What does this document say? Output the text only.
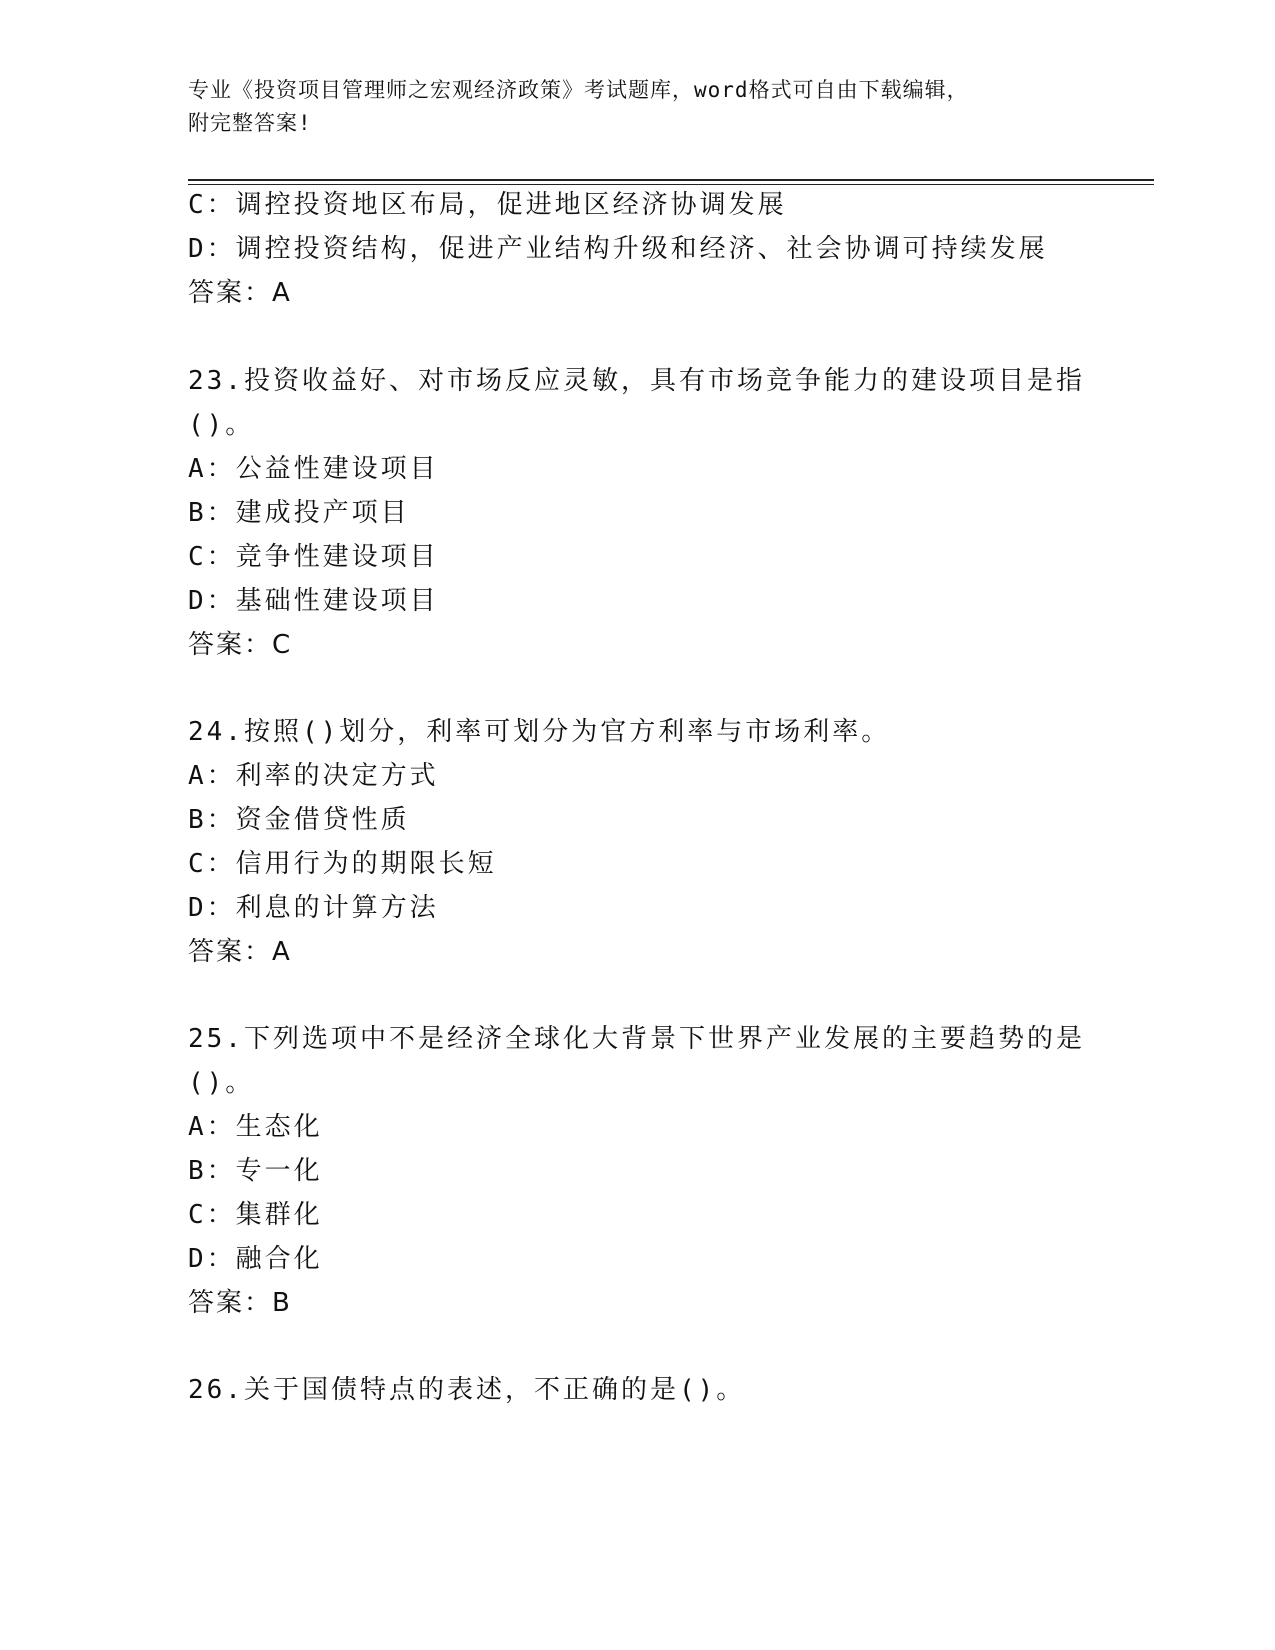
专业《投资项目管理师之宏观经济政策》考试题库，word格式可自由下载编辑，
附完整答案!
C：调控投资地区布局，促进地区经济协调发展
D：调控投资结构，促进产业结构升级和经济、社会协调可持续发展
答案：A
23.投资收益好、对市场反应灵敏，具有市场竞争能力的建设项目是指
()。
A：公益性建设项目
B：建成投产项目
C：竞争性建设项目
D：基础性建设项目
答案：C
24.按照()划分，利率可划分为官方利率与市场利率。
A：利率的决定方式
B：资金借贷性质
C：信用行为的期限长短
D：利息的计算方法
答案：A
25.下列选项中不是经济全球化大背景下世界产业发展的主要趋势的是
()。
A：生态化
B：专一化
C：集群化
D：融合化
答案：B
26.关于国债特点的表述，不正确的是()。
